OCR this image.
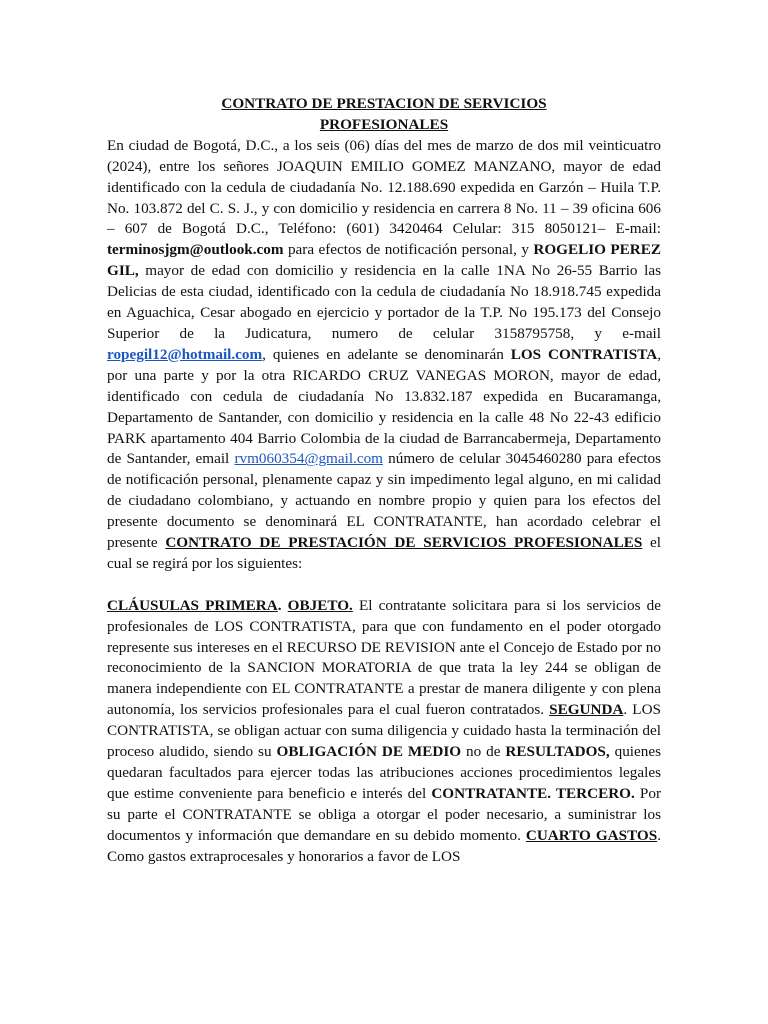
CONTRATO DE PRESTACION DE SERVICIOS
PROFESIONALES

En ciudad de Bogotá, D.C., a los seis (06) días del mes de marzo de dos mil veinticuatro (2024), entre los señores JOAQUIN EMILIO GOMEZ MANZANO, mayor de edad identificado con la cedula de ciudadanía No. 12.188.690 expedida en Garzón – Huila T.P. No. 103.872 del C. S. J., y con domicilio y residencia en carrera 8 No. 11 – 39 oficina 606 – 607 de Bogotá D.C., Teléfono: (601) 3420464 Celular: 315 8050121– E-mail: terminosjgm@outlook.com para efectos de notificación personal, y ROGELIO PEREZ GIL, mayor de edad con domicilio y residencia en la calle 1NA No 26-55 Barrio las Delicias de esta ciudad, identificado con la cedula de ciudadanía No 18.918.745 expedida en Aguachica, Cesar abogado en ejercicio y portador de la T.P. No 195.173 del Consejo Superior de la Judicatura, numero de celular 3158795758, y e-mail ropegil12@hotmail.com, quienes en adelante se denominarán LOS CONTRATISTA, por una parte y por la otra RICARDO CRUZ VANEGAS MORON, mayor de edad, identificado con cedula de ciudadanía No 13.832.187 expedida en Bucaramanga, Departamento de Santander, con domicilio y residencia en la calle 48 No 22-43 edificio PARK apartamento 404 Barrio Colombia de la ciudad de Barrancabermeja, Departamento de Santander, email rvm060354@gmail.com número de celular 3045460280 para efectos de notificación personal, plenamente capaz y sin impedimento legal alguno, en mi calidad de ciudadano colombiano, y actuando en nombre propio y quien para los efectos del presente documento se denominará EL CONTRATANTE, han acordado celebrar el presente CONTRATO DE PRESTACIÓN DE SERVICIOS PROFESIONALES el cual se regirá por los siguientes:

CLÁUSULAS PRIMERA. OBJETO. El contratante solicitara para si los servicios de profesionales de LOS CONTRATISTA, para que con fundamento en el poder otorgado represente sus intereses en el RECURSO DE REVISION ante el Concejo de Estado por no reconocimiento de la SANCION MORATORIA de que trata la ley 244 se obligan de manera independiente con EL CONTRATANTE a prestar de manera diligente y con plena autonomía, los servicios profesionales para el cual fueron contratados. SEGUNDA. LOS CONTRATISTA, se obligan actuar con suma diligencia y cuidado hasta la terminación del proceso aludido, siendo su OBLIGACIÓN DE MEDIO no de RESULTADOS, quienes quedaran facultados para ejercer todas las atribuciones acciones procedimientos legales que estime conveniente para beneficio e interés del CONTRATANTE. TERCERO. Por su parte el CONTRATANTE se obliga a otorgar el poder necesario, a suministrar los documentos y información que demandare en su debido momento. CUARTO GASTOS. Como gastos extraprocesales y honorarios a favor de LOS
